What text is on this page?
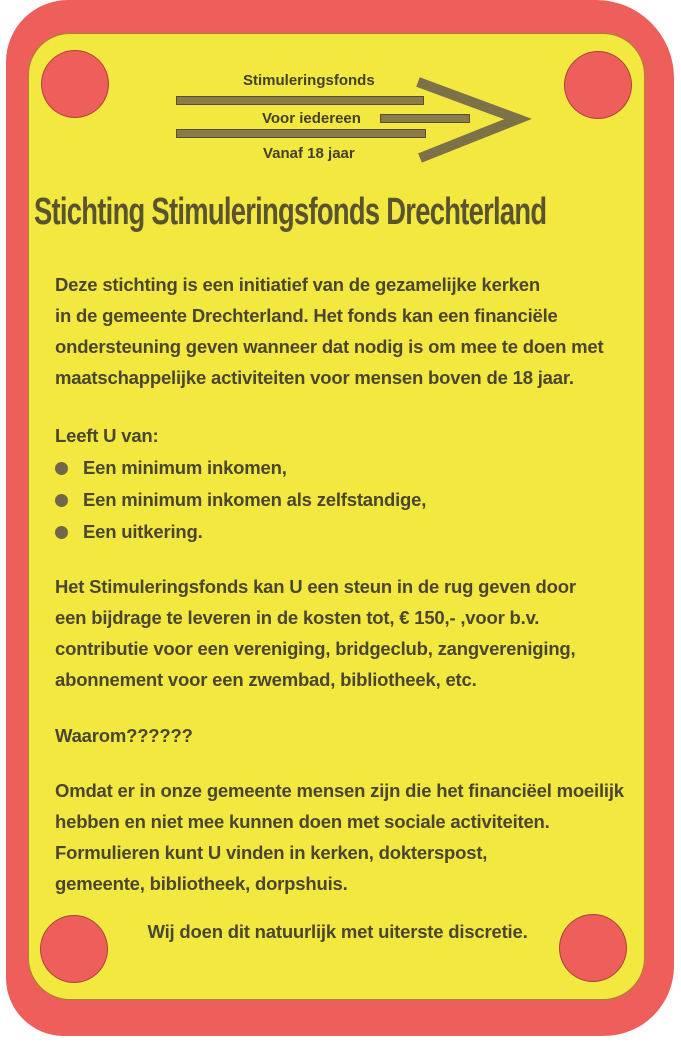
Stimuleringsfonds
Voor iedereen
Vanaf 18 jaar
Stichting Stimuleringsfonds Drechterland
Deze stichting is een initiatief van de gezamelijke kerken
in de gemeente Drechterland. Het fonds kan een financiële
ondersteuning geven wanneer dat nodig is om mee te doen met
maatschappelijke activiteiten voor mensen boven de 18 jaar.
Leeft U van:
Een minimum inkomen,
Een minimum inkomen als zelfstandige,
Een uitkering.
Het Stimuleringsfonds kan U een steun in de rug geven door
een bijdrage te leveren in de kosten tot, € 150,- ,voor b.v.
contributie voor een vereniging, bridgeclub, zangvereniging,
abonnement voor een zwembad, bibliotheek, etc.
Waarom??????
Omdat er in onze gemeente mensen zijn die het financiëel moeilijk
hebben en niet mee kunnen doen met sociale activiteiten.
Formulieren kunt U vinden in kerken, dokterspost,
gemeente, bibliotheek, dorpshuis.
Wij doen dit natuurlijk met uiterste discretie.
